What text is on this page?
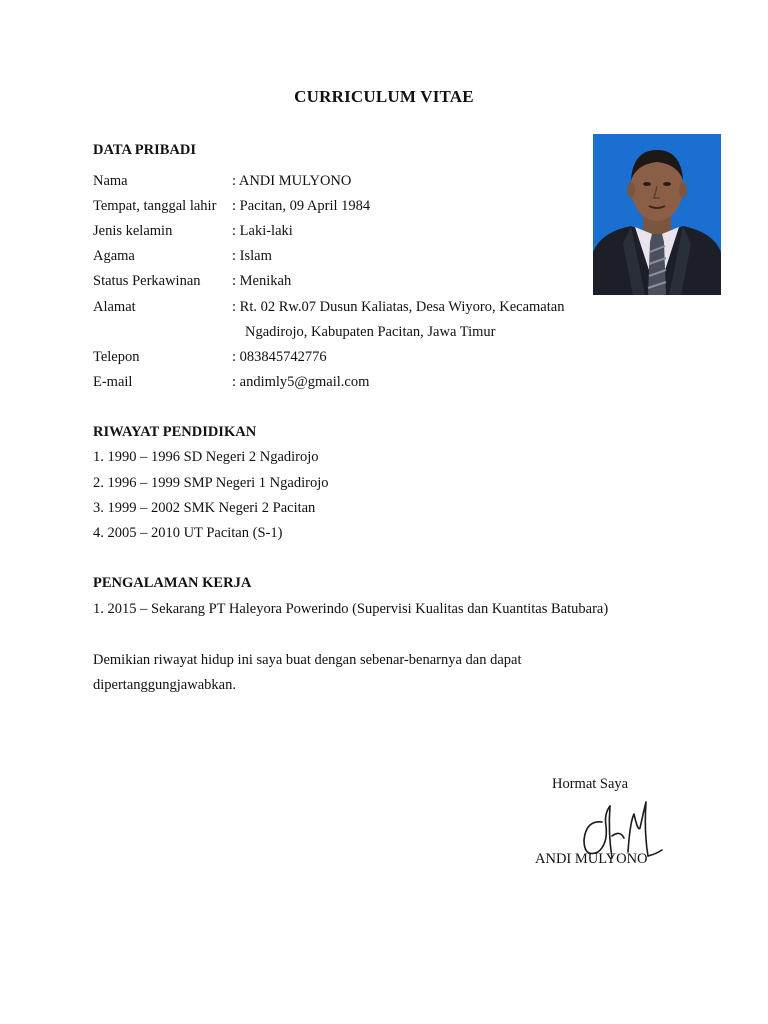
CURRICULUM VITAE
DATA PRIBADI
Nama	: ANDI MULYONO
Tempat, tanggal lahir : Pacitan, 09 April 1984
Jenis kelamin	: Laki-laki
Agama	: Islam
Status Perkawinan : Menikah
Alamat	: Rt. 02 Rw.07 Dusun Kaliatas, Desa Wiyoro, Kecamatan
Ngadirojo, Kabupaten Pacitan, Jawa Timur
Telepon	: 083845742776
E-mail	: andimly5@gmail.com
RIWAYAT PENDIDIKAN
1. 1990 – 1996 SD Negeri 2 Ngadirojo
2. 1996 – 1999 SMP Negeri 1 Ngadirojo
3. 1999 – 2002 SMK Negeri 2 Pacitan
4. 2005 – 2010 UT Pacitan (S-1)
PENGALAMAN KERJA
1. 2015 – Sekarang PT Haleyora Powerindo (Supervisi Kualitas dan Kuantitas Batubara)
Demikian riwayat hidup ini saya buat dengan sebenar-benarnya dan dapat
dipertanggungjawabkan.
Hormat Saya
ANDI MULYONO
